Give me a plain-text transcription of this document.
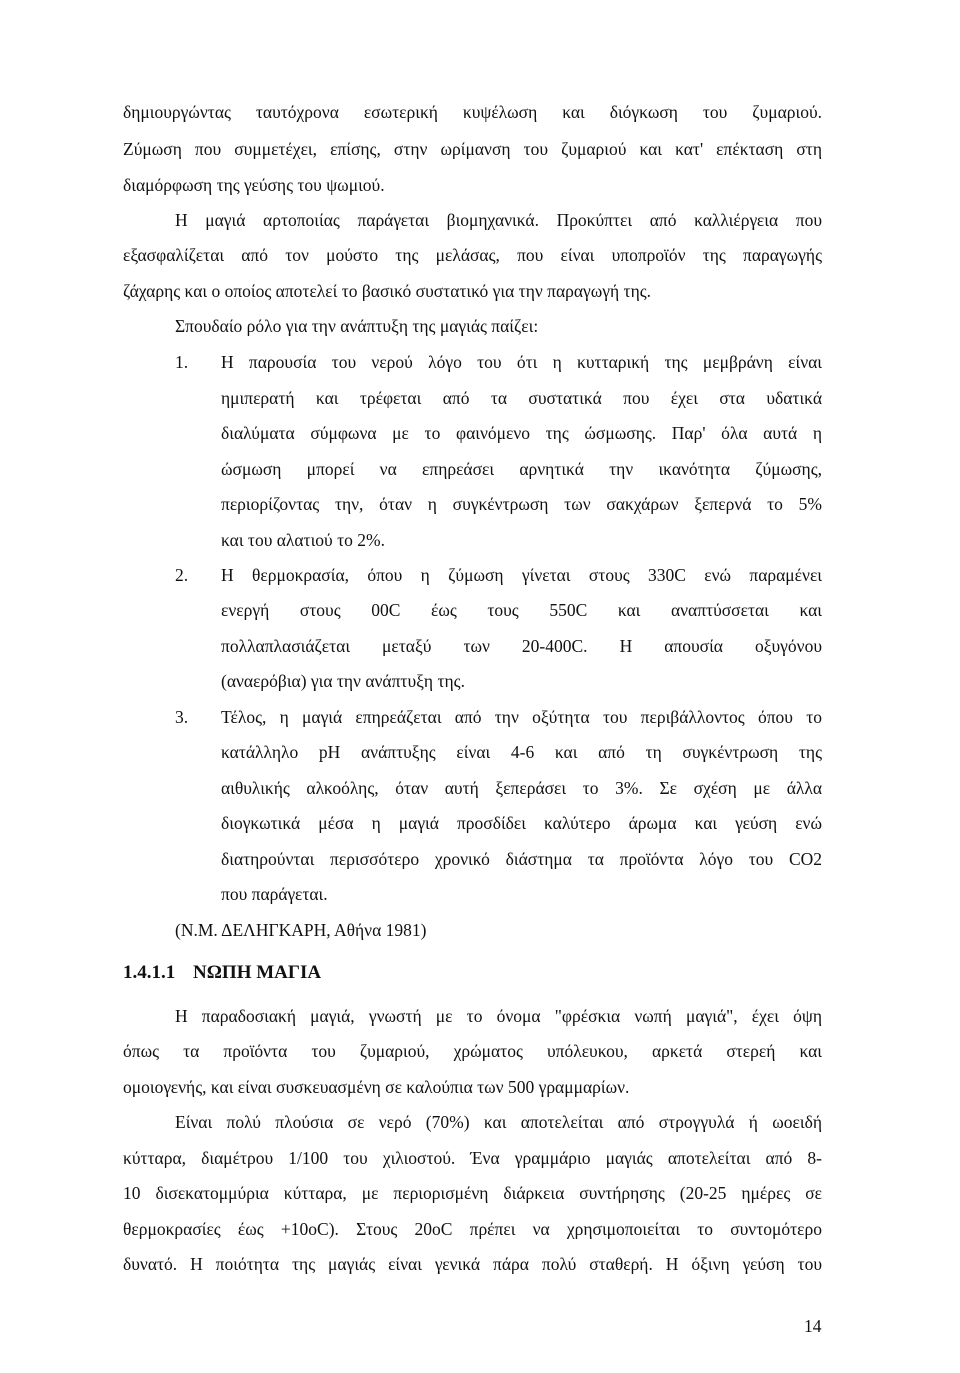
δημιουργώντας ταυτόχρονα εσωτερική κυψέλωση και διόγκωση του ζυμαριού.
Ζύμωση που συμμετέχει, επίσης, στην ωρίμανση του ζυμαριού και κατ' επέκταση στη
διαμόρφωση της γεύσης του ψωμιού.
Η μαγιά αρτοποιίας παράγεται βιομηχανικά. Προκύπτει από καλλιέργεια που
εξασφαλίζεται από τον μούστο της μελάσας, που είναι υποπροϊόν της παραγωγής
ζάχαρης και ο οποίος αποτελεί το βασικό συστατικό για την παραγωγή της.
Σπουδαίο ρόλο για την ανάπτυξη της μαγιάς παίζει:
1. Η παρουσία του νερού λόγο του ότι η κυτταρική της μεμβράνη είναι
ημιπερατή και τρέφεται από τα συστατικά που έχει στα υδατικά
διαλύματα σύμφωνα με το φαινόμενο της ώσμωσης. Παρ' όλα αυτά η
ώσμωση μπορεί να επηρεάσει αρνητικά την ικανότητα ζύμωσης,
περιορίζοντας την, όταν η συγκέντρωση των σακχάρων ξεπερνά το 5%
και του αλατιού το 2%.
2. Η θερμοκρασία, όπου η ζύμωση γίνεται στους 330C ενώ παραμένει
ενεργή στους 00C έως τους 550C και αναπτύσσεται και
πολλαπλασιάζεται μεταξύ των 20-400C. Η απουσία οξυγόνου
(αναερόβια) για την ανάπτυξη της.
3. Τέλος, η μαγιά επηρεάζεται από την οξύτητα του περιβάλλοντος όπου το
κατάλληλο pH ανάπτυξης είναι 4-6 και από τη συγκέντρωση της
αιθυλικής αλκοόλης, όταν αυτή ξεπεράσει το 3%. Σε σχέση με άλλα
διογκωτικά μέσα η μαγιά προσδίδει καλύτερο άρωμα και γεύση ενώ
διατηρούνται περισσότερο χρονικό διάστημα τα προϊόντα λόγο του CO2
που παράγεται.
(Ν.Μ. ΔΕΛΗΓΚΑΡΗ, Αθήνα 1981)
1.4.1.1 ΝΩΠΗ ΜΑΓΙΑ
Η παραδοσιακή μαγιά, γνωστή με το όνομα "φρέσκια νωπή μαγιά", έχει όψη
όπως τα προϊόντα του ζυμαριού, χρώματος υπόλευκου, αρκετά στερεή και
ομοιογενής, και είναι συσκευασμένη σε καλούπια των 500 γραμμαρίων.
Είναι πολύ πλούσια σε νερό (70%) και αποτελείται από στρογγυλά ή ωοειδή
κύτταρα, διαμέτρου 1/100 του χιλιοστού. Ένα γραμμάριο μαγιάς αποτελείται από 8-
10 δισεκατομμύρια κύτταρα, με περιορισμένη διάρκεια συντήρησης (20-25 ημέρες σε
θερμοκρασίες έως +10oC). Στους 20oC πρέπει να χρησιμοποιείται το συντομότερο
δυνατό. Η ποιότητα της μαγιάς είναι γενικά πάρα πολύ σταθερή. Η όξινη γεύση του
14
